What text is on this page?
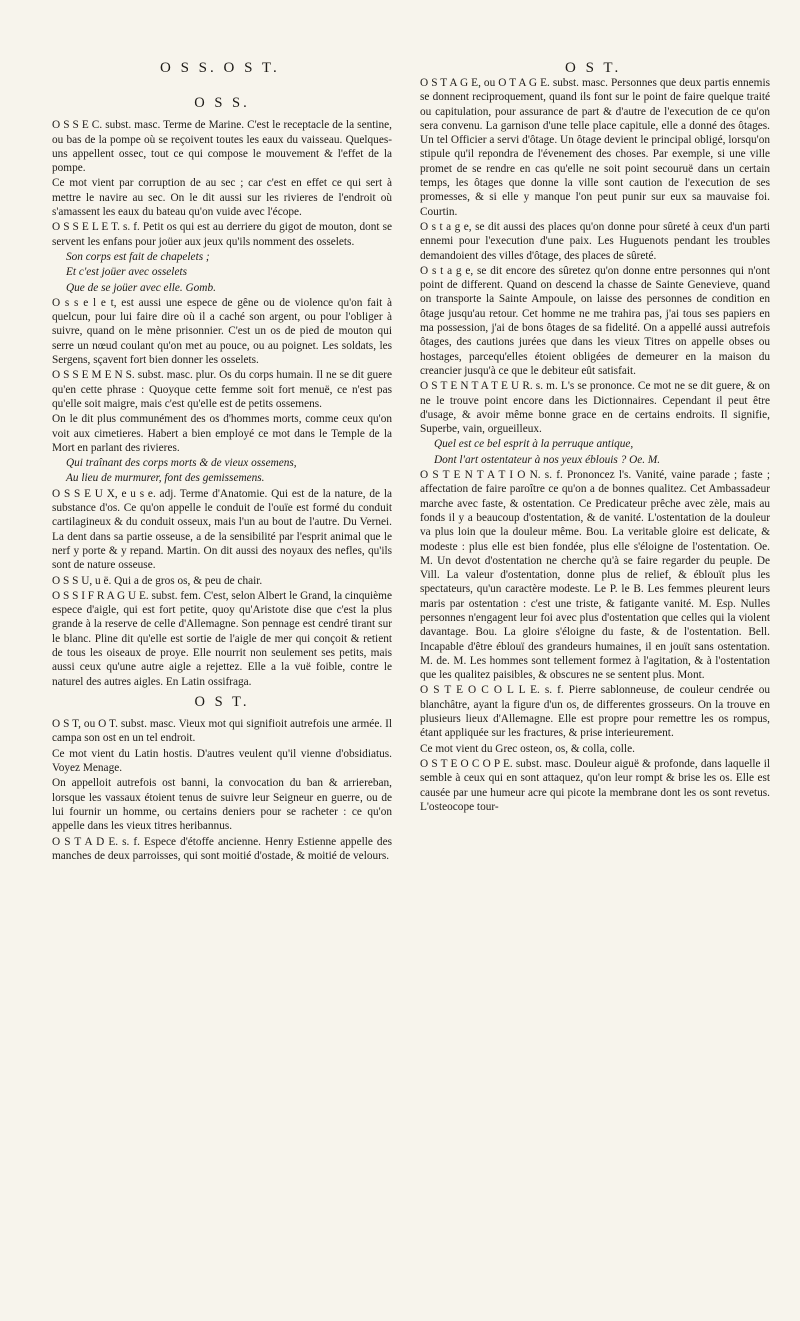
O S S. O S T.	O S T.
O S S.

O S S E C. subst. masc. Terme de Marine. C'est le receptacle de la sentine, ou bas de la pompe où se reçoivent toutes les eaux du vaisseau. Quelques-uns appellent ossec, tout ce qui compose le mouvement & l'effet de la pompe.

Ce mot vient par corruption de au sec ; car c'est en effet ce qui sert à mettre le navire au sec. On le dit aussi sur les rivieres de l'endroit où s'amassent les eaux du bateau qu'on vuide avec l'écope.

O S S E L E T. s. f. Petit os qui est au derriere du gigot de mouton, dont se servent les enfans pour joüer aux jeux qu'ils nomment des osselets.

Son corps est fait de chapelets ;

Et c'est joüer avec osselets

Que de se joüer avec elle. Gomb.

O s s e l e t, est aussi une espece de gêne ou de violence qu'on fait à quelcun, pour lui faire dire où il a caché son argent, ou pour l'obliger à suivre, quand on le mène prisonnier. C'est un os de pied de mouton qui serre un nœud coulant qu'on met au pouce, ou au poignet. Les soldats, les Sergens, sçavent fort bien donner les osselets.

O S S E M E N S. subst. masc. plur. Os du corps humain. Il ne se dit guere qu'en cette phrase : Quoyque cette femme soit fort menuë, ce n'est pas qu'elle soit maigre, mais c'est qu'elle est de petits ossemens.

On le dit plus communément des os d'hommes morts, comme ceux qu'on voit aux cimetieres. Habert a bien employé ce mot dans le Temple de la Mort en parlant des rivieres.

Qui traînant des corps morts & de vieux ossemens,

Au lieu de murmurer, font des gemissemens.

O S S E U X, e u s e. adj. Terme d'Anatomie. Qui est de la nature, de la substance d'os. Ce qu'on appelle le conduit de l'ouïe est formé du conduit cartilagineux & du conduit osseux, mais l'un au bout de l'autre. Du Vernei. La dent dans sa partie osseuse, a de la sensibilité par l'esprit animal que le nerf y porte & y repand. Martin. On dit aussi des noyaux des nefles, qu'ils sont de nature osseuse.

O S S U, u ë. Qui a de gros os, & peu de chair.

O S S I F R A G U E. subst. fem. C'est, selon Albert le Grand, la cinquième espece d'aigle, qui est fort petite, quoy qu'Aristote dise que c'est la plus grande à la reserve de celle d'Allemagne. Son pennage est cendré tirant sur le blanc. Pline dit qu'elle est sortie de l'aigle de mer qui conçoit & retient de tous les oiseaux de proye. Elle nourrit non seulement ses petits, mais aussi ceux qu'une autre aigle a rejettez. Elle a la vuë foible, contre le naturel des autres aigles. En Latin ossifraga.

O S T.

O S T, ou O T. subst. masc. Vieux mot qui signifioit autrefois une armée. Il campa son ost en un tel endroit.

Ce mot vient du Latin hostis. D'autres veulent qu'il vienne d'obsidiatus. Voyez Menage.

On appelloit autrefois ost banni, la convocation du ban & arriereban, lorsque les vassaux étoient tenus de suivre leur Seigneur en guerre, ou de lui fournir un homme, ou certains deniers pour se racheter : ce qu'on appelle dans les vieux titres heribannus.

O S T A D E. s. f. Espece d'étoffe ancienne. Henry Estienne appelle des manches de deux parroisses, qui sont moitié d'ostade, & moitié de velours.

O S T A G E, ou O T A G E. subst. masc. Personnes que deux partis ennemis se donnent reciproquement, quand ils font sur le point de faire quelque traité ou capitulation, pour assurance de part & d'autre de l'execution de ce qu'on sera convenu. La garnison d'une telle place capitule, elle a donné des ôtages. Un tel Officier a servi d'ôtage. Un ôtage devient le principal obligé, lorsqu'on stipule qu'il repondra de l'évenement des choses. Par exemple, si une ville promet de se rendre en cas qu'elle ne soit point secouruë dans un certain temps, les ôtages que donne la ville sont caution de l'execution de ses promesses, & si elle y manque l'on peut punir sur eux sa mauvaise foi. Courtin.

O s t a g e, se dit aussi des places qu'on donne pour sûreté à ceux d'un parti ennemi pour l'execution d'une paix. Les Huguenots pendant les troubles demandoient des villes d'ôtage, des places de sûreté.

O s t a g e, se dit encore des sûretez qu'on donne entre personnes qui n'ont point de different. Quand on descend la chasse de Sainte Genevieve, quand on transporte la Sainte Ampoule, on laisse des personnes de condition en ôtage jusqu'au retour. Cet homme ne me trahira pas, j'ai tous ses papiers en ma possession, j'ai de bons ôtages de sa fidelité. On a appellé aussi autrefois ôtages, des cautions jurées que dans les vieux Titres on appelle obses ou hostages, parcequ'elles étoient obligées de demeurer en la maison du creancier jusqu'à ce que le debiteur eût satisfait.

O S T E N T A T E U R. s. m. L's se prononce. Ce mot ne se dit guere, & on ne le trouve point encore dans les Dictionnaires. Cependant il peut être d'usage, & avoir même bonne grace en de certains endroits. Il signifie, Superbe, vain, orgueilleux.

Quel est ce bel esprit à la perruque antique,

Dont l'art ostentateur à nos yeux éblouis ? Oe. M.

O S T E N T A T I O N. s. f. Prononcez l's. Vanité, vaine parade ; faste ; affectation de faire paroître ce qu'on a de bonnes qualitez. Cet Ambassadeur marche avec faste, & ostentation. Ce Predicateur prêche avec zèle, mais au fonds il y a beaucoup d'ostentation, & de vanité. L'ostentation de la douleur va plus loin que la douleur même. Bou. La veritable gloire est delicate, & modeste : plus elle est bien fondée, plus elle s'éloigne de l'ostentation. Oe. M. Un devot d'ostentation ne cherche qu'à se faire regarder du peuple. De Vill. La valeur d'ostentation, donne plus de relief, & éblouït plus les spectateurs, qu'un caractère modeste. Le P. le B. Les femmes pleurent leurs maris par ostentation : c'est une triste, & fatigante vanité. M. Esp. Nulles personnes n'engagent leur foi avec plus d'ostentation que celles qui la violent davantage. Bou. La gloire s'éloigne du faste, & de l'ostentation. Bell. Incapable d'être éblouï des grandeurs humaines, il en jouït sans ostentation. M. de. M. Les hommes sont tellement formez à l'agitation, & à l'ostentation que les qualitez paisibles, & obscures ne se sentent plus. Mont.

O S T E O C O L L E. s. f. Pierre sablonneuse, de couleur cendrée ou blanchâtre, ayant la figure d'un os, de differentes grosseurs. On la trouve en plusieurs lieux d'Allemagne. Elle est propre pour remettre les os rompus, étant appliquée sur les fractures, & prise interieurement.

Ce mot vient du Grec osteon, os, & colla, colle.

O S T E O C O P E. subst. masc. Douleur aiguë & profonde, dans laquelle il semble à ceux qui en sont attaquez, qu'on leur rompt & brise les os. Elle est causée par une humeur acre qui picote la membrane dont les os sont revetus. L'osteocope tour-
